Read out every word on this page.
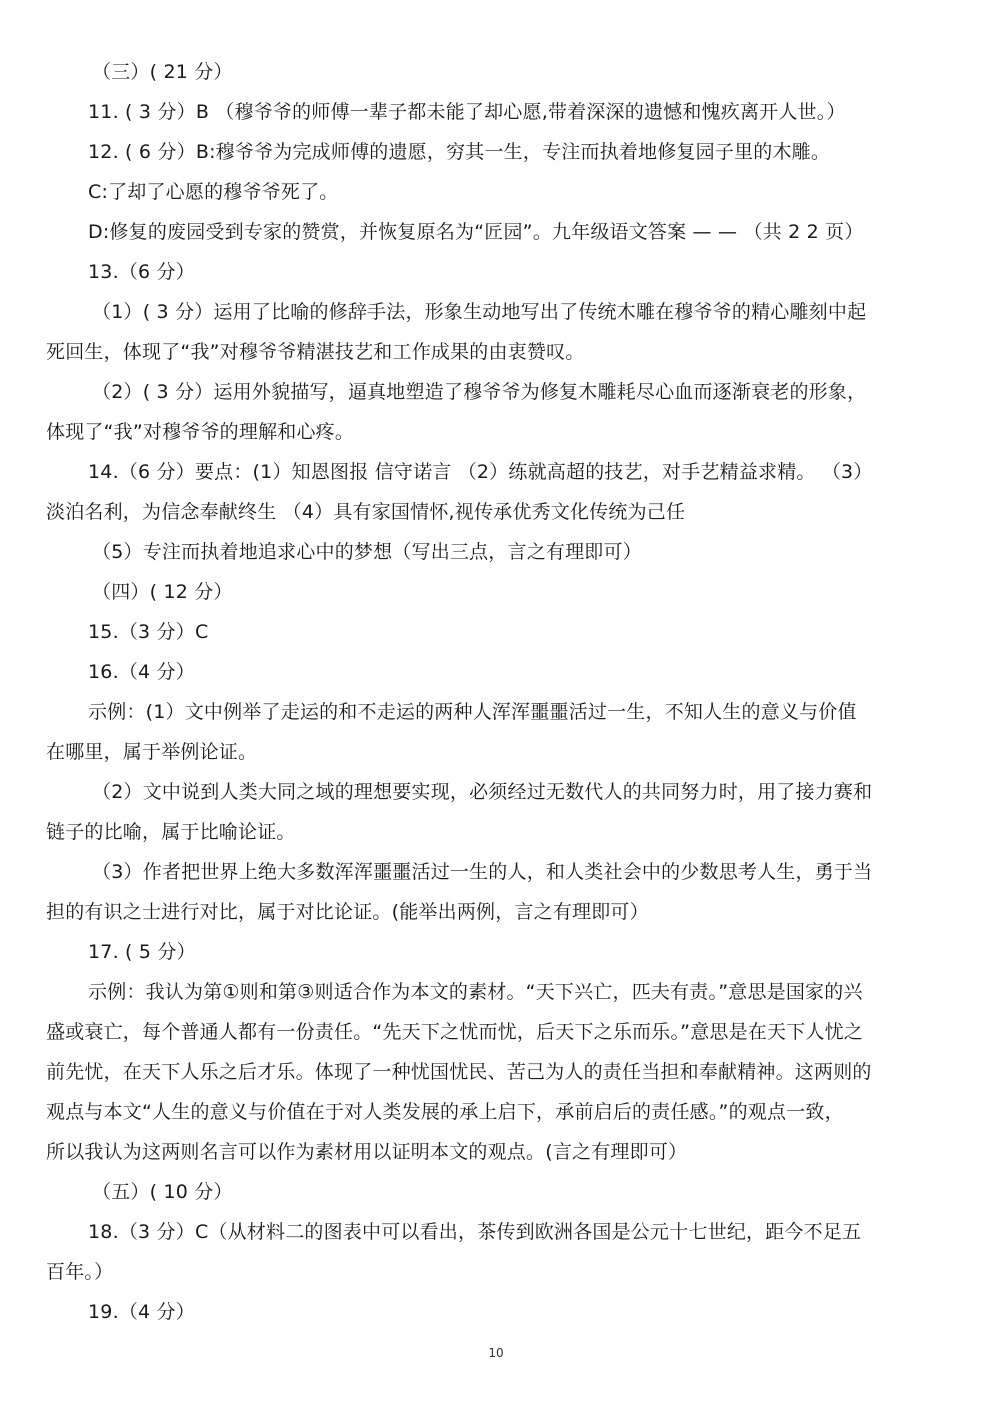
（三）( 21 分）
11. ( 3 分）B （穆爷爷的师傅一辈子都未能了却心愿,带着深深的遗憾和愧疚离开人世。）
12. ( 6 分）B:穆爷爷为完成师傅的遗愿，穷其一生，专注而执着地修复园子里的木雕。
C:了却了心愿的穆爷爷死了。
D:修复的废园受到专家的赞赏，并恢复原名为“匠园”。九年级语文答案 — — （共 2 2 页）
13.（6 分）
（1）( 3 分）运用了比喻的修辞手法，形象生动地写出了传统木雕在穆爷爷的精心雕刻中起
死回生，体现了“我”对穆爷爷精湛技艺和工作成果的由衷赞叹。
（2）( 3 分）运用外貌描写，逼真地塑造了穆爷爷为修复木雕耗尽心血而逐渐衰老的形象，
体现了“我”对穆爷爷的理解和心疼。
14.（6 分）要点：(1）知恩图报 信守诺言 （2）练就高超的技艺，对手艺精益求精。 （3）
淡泊名利，为信念奉献终生 （4）具有家国情怀,视传承优秀文化传统为己任
（5）专注而执着地追求心中的梦想（写出三点，言之有理即可）
（四）( 12 分）
15.（3 分）C
16.（4 分）
示例：(1）文中例举了走运的和不走运的两种人浑浑噩噩活过一生，不知人生的意义与价值
在哪里，属于举例论证。
（2）文中说到人类大同之域的理想要实现，必须经过无数代人的共同努力时，用了接力赛和
链子的比喻，属于比喻论证。
（3）作者把世界上绝大多数浑浑噩噩活过一生的人，和人类社会中的少数思考人生，勇于当
担的有识之士进行对比，属于对比论证。(能举出两例，言之有理即可）
17. ( 5 分）
示例：我认为第①则和第③则适合作为本文的素材。“天下兴亡，匹夫有责。”意思是国家的兴
盛或衰亡，每个普通人都有一份责任。“先天下之忧而忧，后天下之乐而乐。”意思是在天下人忧之
前先忧，在天下人乐之后才乐。体现了一种忧国忧民、苦己为人的责任当担和奉献精神。这两则的
观点与本文“人生的意义与价值在于对人类发展的承上启下，承前启后的责任感。”的观点一致，
所以我认为这两则名言可以作为素材用以证明本文的观点。(言之有理即可）
（五）( 10 分）
18.（3 分）C（从材料二的图表中可以看出，茶传到欧洲各国是公元十七世纪，距今不足五
百年。）
19.（4 分）
10
